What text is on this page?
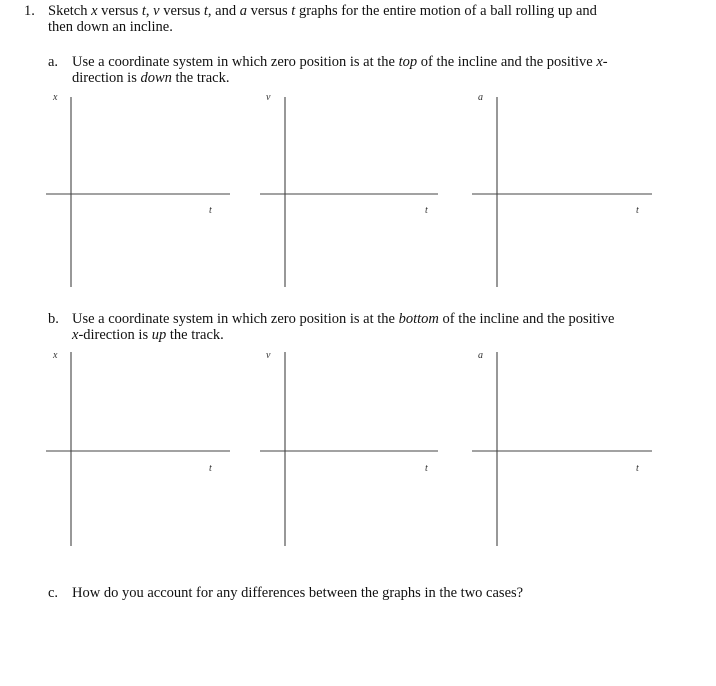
1. Sketch x versus t, v versus t, and a versus t graphs for the entire motion of a ball rolling up and
then down an incline.
a. Use a coordinate system in which zero position is at the top of the incline and the positive x-
direction is down the track.
b. Use a coordinate system in which zero position is at the bottom of the incline and the positive
x-direction is up the track.
c. How do you account for any differences between the graphs in the two cases?
x
t
v
t
a
t
x
t
v
t
a
t
